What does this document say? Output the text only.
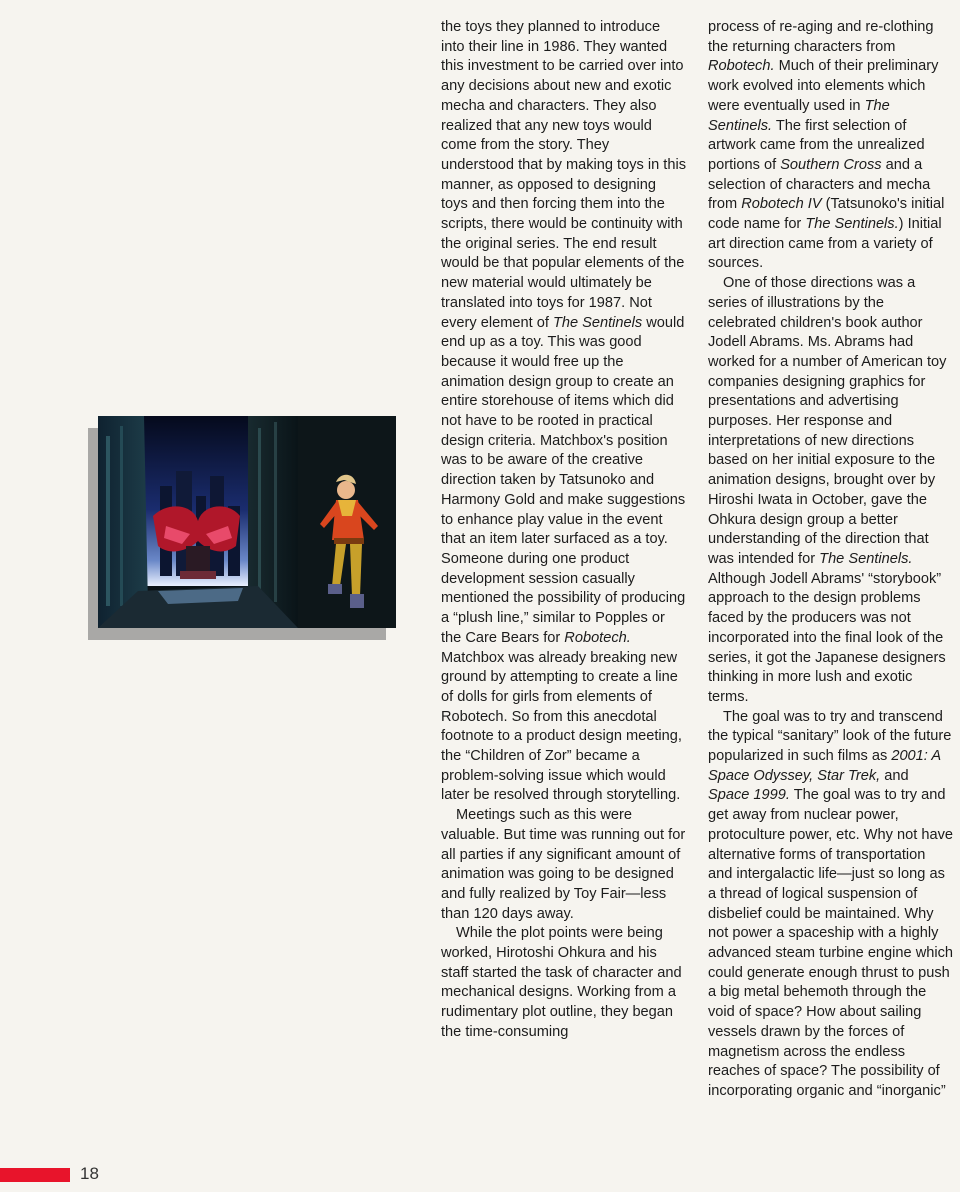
the toys they planned to introduce into their line in 1986. They wanted this investment to be carried over into any decisions about new and exotic mecha and characters. They also realized that any new toys would come from the story. They understood that by making toys in this manner, as opposed to designing toys and then forcing them into the scripts, there would be continuity with the original series. The end result would be that popular elements of the new material would ultimately be translated into toys for 1987. Not every element of The Sentinels would end up as a toy. This was good because it would free up the animation design group to create an entire storehouse of items which did not have to be rooted in practical design criteria. Matchbox's position was to be aware of the creative direction taken by Tatsunoko and Harmony Gold and make suggestions to enhance play value in the event that an item later surfaced as a toy. Someone during one product development session casually mentioned the possibility of producing a “plush line,” similar to Popples or the Care Bears for Robotech. Matchbox was already breaking new ground by attempting to create a line of dolls for girls from elements of Robotech. So from this anecdotal footnote to a product design meeting, the “Children of Zor” became a problem-solving issue which would later be resolved through storytelling.

Meetings such as this were valuable. But time was running out for all parties if any significant amount of animation was going to be designed and fully realized by Toy Fair—less than 120 days away.

While the plot points were being worked, Hirotoshi Ohkura and his staff started the task of character and mechanical designs. Working from a rudimentary plot outline, they began the time-consuming

process of re-aging and re-clothing the returning characters from Robotech. Much of their preliminary work evolved into elements which were eventually used in The Sentinels. The first selection of artwork came from the unrealized portions of Southern Cross and a selection of characters and mecha from Robotech IV (Tatsunoko's initial code name for The Sentinels.) Initial art direction came from a variety of sources.

One of those directions was a series of illustrations by the celebrated children's book author Jodell Abrams. Ms. Abrams had worked for a number of American toy companies designing graphics for presentations and advertising purposes. Her response and interpretations of new directions based on her initial exposure to the animation designs, brought over by Hiroshi Iwata in October, gave the Ohkura design group a better understanding of the direction that was intended for The Sentinels. Although Jodell Abrams' “storybook” approach to the design problems faced by the producers was not incorporated into the final look of the series, it got the Japanese designers thinking in more lush and exotic terms.

The goal was to try and transcend the typical “sanitary” look of the future popularized in such films as 2001: A Space Odyssey, Star Trek, and Space 1999. The goal was to try and get away from nuclear power, protoculture power, etc. Why not have alternative forms of transportation and intergalactic life—just so long as a thread of logical suspension of disbelief could be maintained. Why not power a spaceship with a highly advanced steam turbine engine which could generate enough thrust to push a big metal behemoth through the void of space? How about sailing vessels drawn by the forces of magnetism across the endless reaches of space? The possibility of incorporating organic and “inorganic”

18
